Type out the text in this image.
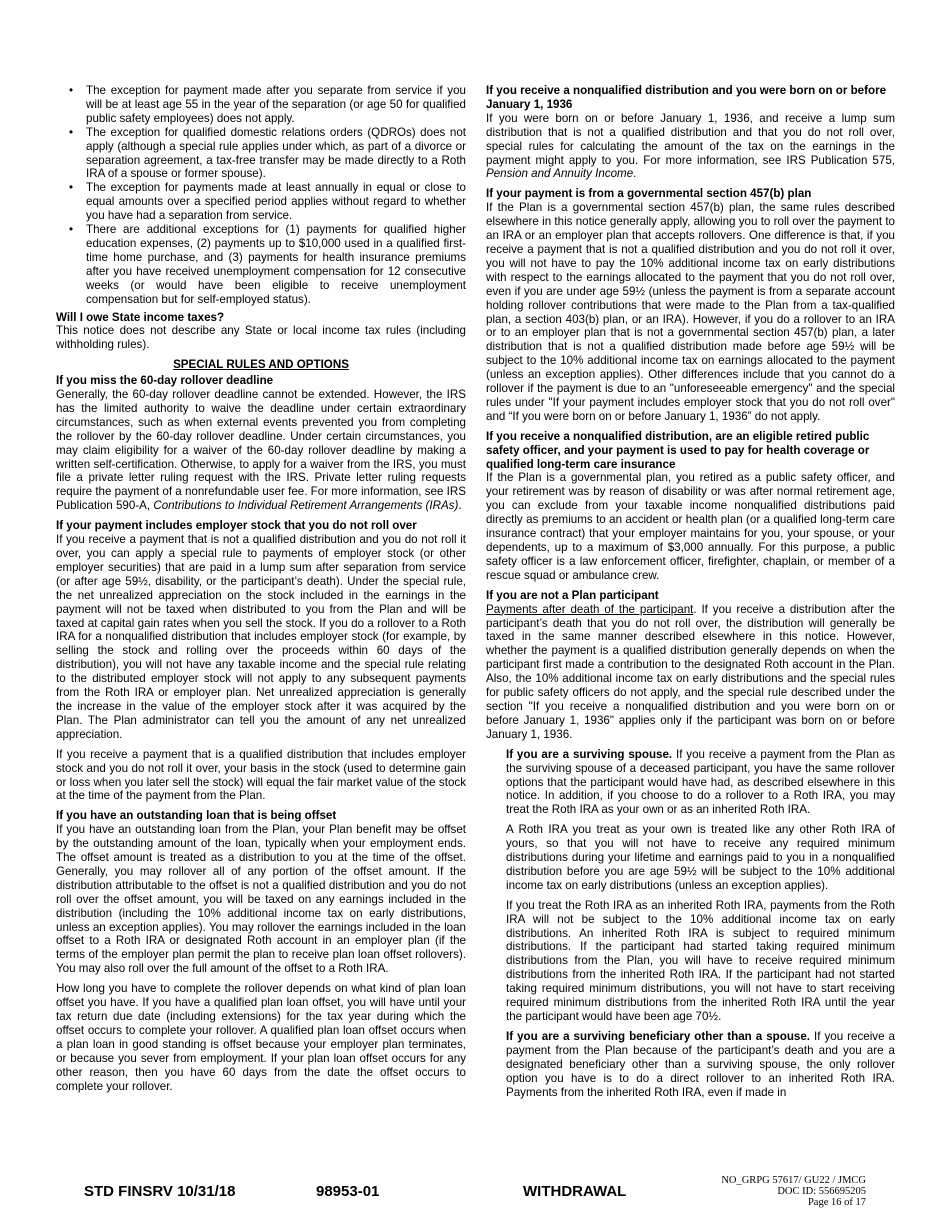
• The exception for payment made after you separate from service if you will be at least age 55 in the year of the separation (or age 50 for qualified public safety employees) does not apply.
• The exception for qualified domestic relations orders (QDROs) does not apply (although a special rule applies under which, as part of a divorce or separation agreement, a tax-free transfer may be made directly to a Roth IRA of a spouse or former spouse).
• The exception for payments made at least annually in equal or close to equal amounts over a specified period applies without regard to whether you have had a separation from service.
• There are additional exceptions for (1) payments for qualified higher education expenses, (2) payments up to $10,000 used in a qualified first-time home purchase, and (3) payments for health insurance premiums after you have received unemployment compensation for 12 consecutive weeks (or would have been eligible to receive unemployment compensation but for self-employed status).
Will I owe State income taxes?

This notice does not describe any State or local income tax rules (including withholding rules).

SPECIAL RULES AND OPTIONS
If you miss the 60-day rollover deadline

Generally, the 60-day rollover deadline cannot be extended. However, the IRS has the limited authority to waive the deadline under certain extraordinary circumstances, such as when external events prevented you from completing the rollover by the 60-day rollover deadline. Under certain circumstances, you may claim eligibility for a waiver of the 60-day rollover deadline by making a written self-certification. Otherwise, to apply for a waiver from the IRS, you must file a private letter ruling request with the IRS. Private letter ruling requests require the payment of a nonrefundable user fee. For more information, see IRS Publication 590-A, Contributions to Individual Retirement Arrangements (IRAs).

If your payment includes employer stock that you do not roll over

If you receive a payment that is not a qualified distribution and you do not roll it over, you can apply a special rule to payments of employer stock (or other employer securities) that are paid in a lump sum after separation from service (or after age 59½, disability, or the participant’s death). Under the special rule, the net unrealized appreciation on the stock included in the earnings in the payment will not be taxed when distributed to you from the Plan and will be taxed at capital gain rates when you sell the stock. If you do a rollover to a Roth IRA for a nonqualified distribution that includes employer stock (for example, by selling the stock and rolling over the proceeds within 60 days of the distribution), you will not have any taxable income and the special rule relating to the distributed employer stock will not apply to any subsequent payments from the Roth IRA or employer plan. Net unrealized appreciation is generally the increase in the value of the employer stock after it was acquired by the Plan. The Plan administrator can tell you the amount of any net unrealized appreciation.

If you receive a payment that is a qualified distribution that includes employer stock and you do not roll it over, your basis in the stock (used to determine gain or loss when you later sell the stock) will equal the fair market value of the stock at the time of the payment from the Plan.

If you have an outstanding loan that is being offset

If you have an outstanding loan from the Plan, your Plan benefit may be offset by the outstanding amount of the loan, typically when your employment ends. The offset amount is treated as a distribution to you at the time of the offset. Generally, you may rollover all of any portion of the offset amount. If the distribution attributable to the offset is not a qualified distribution and you do not roll over the offset amount, you will be taxed on any earnings included in the distribution (including the 10% additional income tax on early distributions, unless an exception applies). You may rollover the earnings included in the loan offset to a Roth IRA or designated Roth account in an employer plan (if the terms of the employer plan permit the plan to receive plan loan offset rollovers). You may also roll over the full amount of the offset to a Roth IRA.

How long you have to complete the rollover depends on what kind of plan loan offset you have. If you have a qualified plan loan offset, you will have until your tax return due date (including extensions) for the tax year during which the offset occurs to complete your rollover. A qualified plan loan offset occurs when a plan loan in good standing is offset because your employer plan terminates, or because you sever from employment. If your plan loan offset occurs for any other reason, then you have 60 days from the date the offset occurs to complete your rollover.

If you receive a nonqualified distribution and you were born on or before January 1, 1936

If you were born on or before January 1, 1936, and receive a lump sum distribution that is not a qualified distribution and that you do not roll over, special rules for calculating the amount of the tax on the earnings in the payment might apply to you. For more information, see IRS Publication 575, Pension and Annuity Income.

If your payment is from a governmental section 457(b) plan

If the Plan is a governmental section 457(b) plan, the same rules described elsewhere in this notice generally apply, allowing you to roll over the payment to an IRA or an employer plan that accepts rollovers. One difference is that, if you receive a payment that is not a qualified distribution and you do not roll it over, you will not have to pay the 10% additional income tax on early distributions with respect to the earnings allocated to the payment that you do not roll over, even if you are under age 59½ (unless the payment is from a separate account holding rollover contributions that were made to the Plan from a tax-qualified plan, a section 403(b) plan, or an IRA). However, if you do a rollover to an IRA or to an employer plan that is not a governmental section 457(b) plan, a later distribution that is not a qualified distribution made before age 59½ will be subject to the 10% additional income tax on earnings allocated to the payment (unless an exception applies). Other differences include that you cannot do a rollover if the payment is due to an "unforeseeable emergency" and the special rules under "If your payment includes employer stock that you do not roll over" and “If you were born on or before January 1, 1936” do not apply.

If you receive a nonqualified distribution, are an eligible retired public safety officer, and your payment is used to pay for health coverage or qualified long-term care insurance

If the Plan is a governmental plan, you retired as a public safety officer, and your retirement was by reason of disability or was after normal retirement age, you can exclude from your taxable income nonqualified distributions paid directly as premiums to an accident or health plan (or a qualified long-term care insurance contract) that your employer maintains for you, your spouse, or your dependents, up to a maximum of $3,000 annually. For this purpose, a public safety officer is a law enforcement officer, firefighter, chaplain, or member of a rescue squad or ambulance crew.

If you are not a Plan participant

Payments after death of the participant. If you receive a distribution after the participant’s death that you do not roll over, the distribution will generally be taxed in the same manner described elsewhere in this notice. However, whether the payment is a qualified distribution generally depends on when the participant first made a contribution to the designated Roth account in the Plan. Also, the 10% additional income tax on early distributions and the special rules for public safety officers do not apply, and the special rule described under the section "If you receive a nonqualified distribution and you were born on or before January 1, 1936" applies only if the participant was born on or before January 1, 1936.

If you are a surviving spouse. If you receive a payment from the Plan as the surviving spouse of a deceased participant, you have the same rollover options that the participant would have had, as described elsewhere in this notice. In addition, if you choose to do a rollover to a Roth IRA, you may treat the Roth IRA as your own or as an inherited Roth IRA.

A Roth IRA you treat as your own is treated like any other Roth IRA of yours, so that you will not have to receive any required minimum distributions during your lifetime and earnings paid to you in a nonqualified distribution before you are age 59½ will be subject to the 10% additional income tax on early distributions (unless an exception applies).

If you treat the Roth IRA as an inherited Roth IRA, payments from the Roth IRA will not be subject to the 10% additional income tax on early distributions. An inherited Roth IRA is subject to required minimum distributions. If the participant had started taking required minimum distributions from the Plan, you will have to receive required minimum distributions from the inherited Roth IRA. If the participant had not started taking required minimum distributions, you will not have to start receiving required minimum distributions from the inherited Roth IRA until the year the participant would have been age 70½.

If you are a surviving beneficiary other than a spouse. If you receive a payment from the Plan because of the participant’s death and you are a designated beneficiary other than a surviving spouse, the only rollover option you have is to do a direct rollover to an inherited Roth IRA. Payments from the inherited Roth IRA, even if made in

STD FINSRV 10/31/18	98953-01	WITHDRAWAL
NO_GRPG 57617/ GU22 / JMCG
DOC ID: 556695205
Page 16 of 17
